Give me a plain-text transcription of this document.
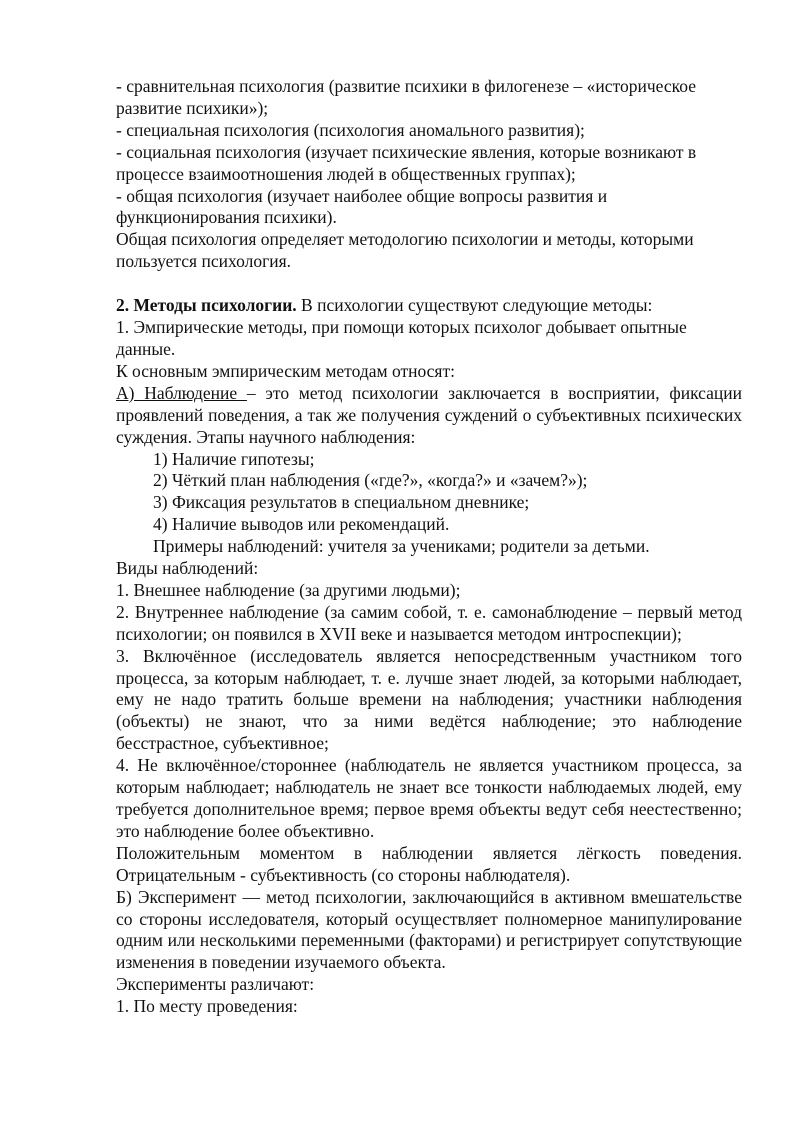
- сравнительная психология (развитие психики в филогенезе – «историческое развитие психики»);

- специальная психология (психология аномального развития);

- социальная психология (изучает психические явления, которые возникают в процессе взаимоотношения людей в общественных группах);

- общая психология (изучает наиболее общие вопросы развития и функционирования психики).

Общая психология определяет методологию психологии и методы, которыми пользуется психология.

2. Методы психологии. В психологии существуют следующие методы:

1. Эмпирические методы, при помощи которых психолог добывает опытные данные.

К основным эмпирическим методам относят:

А) Наблюдение – это метод психологии заключается в восприятии, фиксации проявлений поведения, а так же получения суждений о субъективных психических суждения. Этапы научного наблюдения:

1) Наличие гипотезы;

2) Чёткий план наблюдения («где?», «когда?» и «зачем?»);

3) Фиксация результатов в специальном дневнике;

4) Наличие выводов или рекомендаций.

Примеры наблюдений: учителя за учениками; родители за детьми.

Виды наблюдений:

1. Внешнее наблюдение (за другими людьми);

2. Внутреннее наблюдение (за самим собой, т. е. самонаблюдение – первый метод психологии; он появился в XVII веке и называется методом интроспекции);

3. Включённое (исследователь является непосредственным участником того процесса, за которым наблюдает, т. е. лучше знает людей, за которыми наблюдает, ему не надо тратить больше времени на наблюдения; участники наблюдения (объекты) не знают, что за ними ведётся наблюдение; это наблюдение бесстрастное, субъективное;

4. Не включённое/стороннее (наблюдатель не является участником процесса, за которым наблюдает; наблюдатель не знает все тонкости наблюдаемых людей, ему требуется дополнительное время; первое время объекты ведут себя неестественно; это наблюдение более объективно.

Положительным моментом в наблюдении является лёгкость поведения. Отрицательным - субъективность (со стороны наблюдателя).

Б) Эксперимент — метод психологии, заключающийся в активном вмешательстве со стороны исследователя, который осуществляет полномерное манипулирование одним или несколькими переменными (факторами) и регистрирует сопутствующие изменения в поведении изучаемого объекта.

Эксперименты различают:

1. По месту проведения:
